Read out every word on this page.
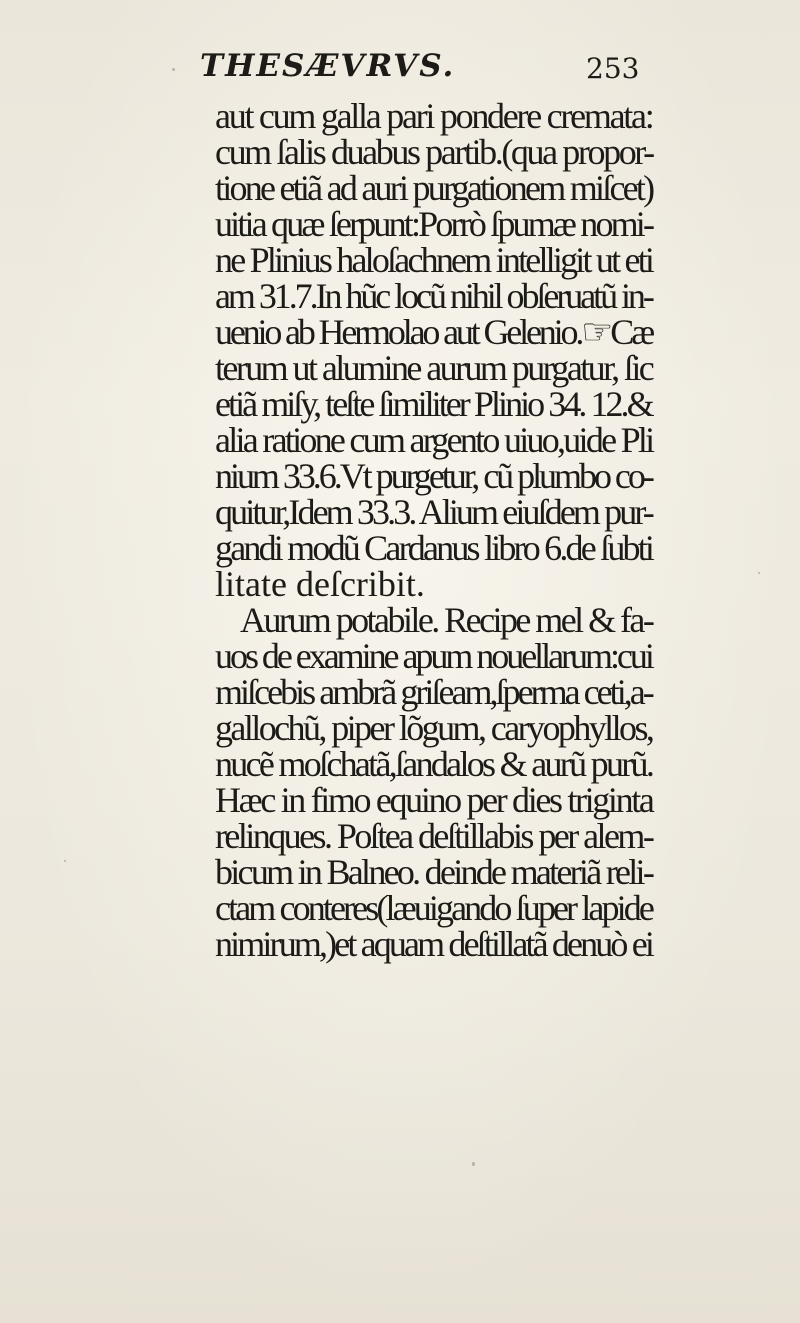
THESÆVRVS.	253
aut cum galla pari pondere cremata:
cum ſalis duabus partib.(qua propor-
tione etiã ad auri purgationem miſcet)
uitia quæ ſerpunt:Porrò ſpumæ nomi-
ne Plinius haloſachnem intelligit ut eti
am 31.7.In hũc locũ nihil obſeruatũ in-
uenio ab Hermolao aut Gelenio.☞Cæ
terum ut alumine aurum purgatur, ſic
etiã miſy, teſte ſimiliter Plinio 34. 12.&
alia ratione cum argento uiuo,uide Pli
nium 33.6.Vt purgetur, cũ plumbo co-
quitur,Idem 33.3. Alium eiuſdem pur-
gandi modũ Cardanus libro 6.de ſubti
litate deſcribit.
Aurum potabile. Recipe mel & fa-
uos de examine apum nouellarum:cui
miſcebis ambrã griſeam,ſperma ceti,a-
gallochũ, piper lõgum, caryophyllos,
nucẽ moſchatã,ſandalos & aurũ purũ.
Hæc in fimo equino per dies triginta
relinques. Poſtea deſtillabis per alem-
bicum in Balneo. deinde materiã reli-
ctam conteres(læuigando ſuper lapide
nimirum,)et aquam deſtillatã denuò ei
